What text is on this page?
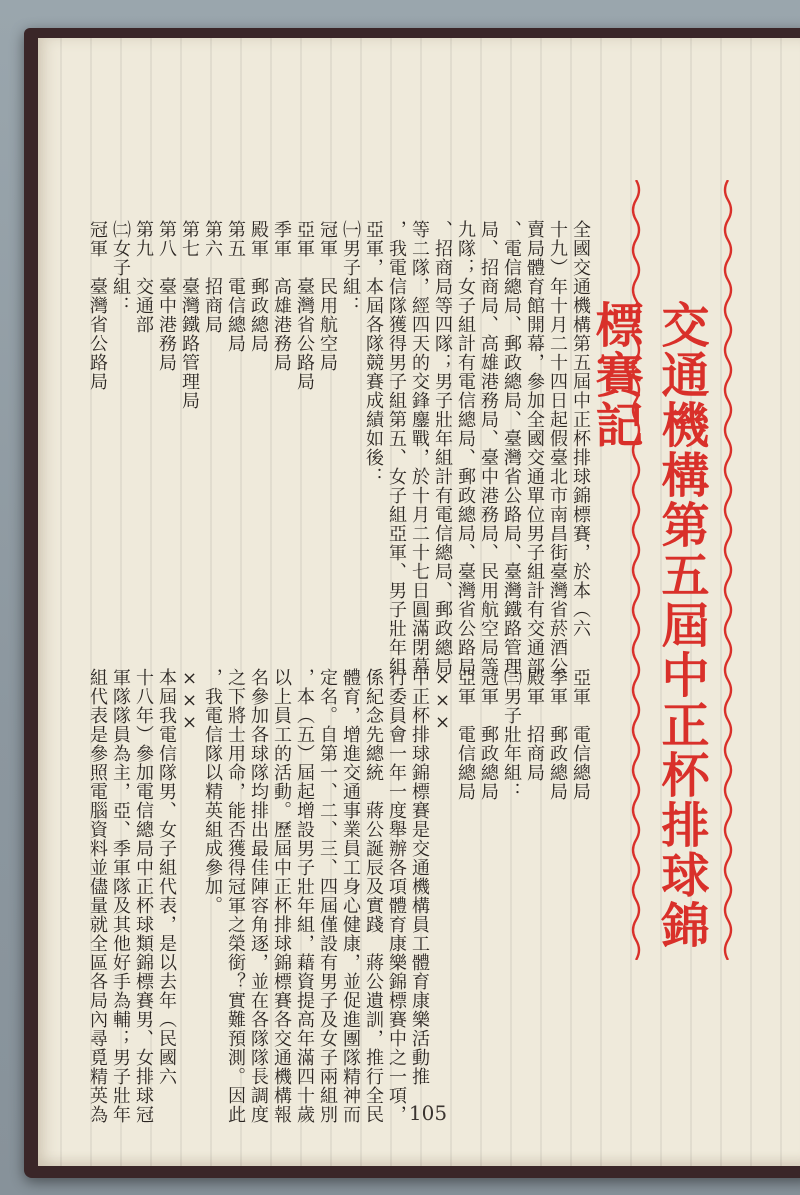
交通機構第五屆中正杯排球錦標賽記
全國交通機構第五屆中正杯排球錦標賽，於本（六
十九）年十月二十四日起假臺北市南昌街臺灣省菸酒公
賣局體育館開幕，參加全國交通單位男子組計有交通部
、電信總局、郵政總局、臺灣省公路局、臺灣鐵路管理
局、招商局、高雄港務局、臺中港務局、民用航空局等
九隊；女子組計有電信總局、郵政總局、臺灣省公路局
、招商局等四隊；男子壯年組計有電信總局、郵政總局
等二隊，經四天的交鋒鏖戰，於十月二十七日圓滿閉幕
，我電信隊獲得男子組第五、女子組亞軍、男子壯年組
亞軍，本屆各隊競賽成績如後：
㈠男子組：
冠軍　民用航空局
亞軍　臺灣省公路局
季軍　高雄港務局
殿軍　郵政總局
第五　電信總局
第六　招商局
第七　臺灣鐵路管理局
第八　臺中港務局
第九　交通部
㈡女子組：
冠軍　臺灣省公路局
亞軍　電信總局
季軍　郵政總局
殿軍　招商局
㈢男子壯年組：
冠軍　郵政總局
亞軍　電信總局
×××
中正杯排球錦標賽是交通機構員工體育康樂活動推
行委員會一年一度舉辦各項體育康樂錦標賽中之一項，
係紀念先總統　蔣公誕辰及實踐　蔣公遺訓，推行全民
體育，增進交通事業員工身心健康，並促進團隊精神而
定名。自第一、二、三、四屆僅設有男子及女子兩組別
，本（五）屆起增設男子壯年組，藉資提高年滿四十歲
以上員工的活動。歷屆中正杯排球錦標賽各交通機構報
名參加各球隊均排出最佳陣容角逐，並在各隊隊長調度
之下將士用命，能否獲得冠軍之榮銜？實難預測。因此
，我電信隊以精英組成參加。
×××
本屆我電信隊男、女子組代表，是以去年（民國六
十八年）參加電信總局中正杯球類錦標賽男、女排球冠
軍隊隊員為主，亞、季軍隊及其他好手為輔；男子壯年
組代表是參照電腦資料並儘量就全區各局內尋覓精英為	105
